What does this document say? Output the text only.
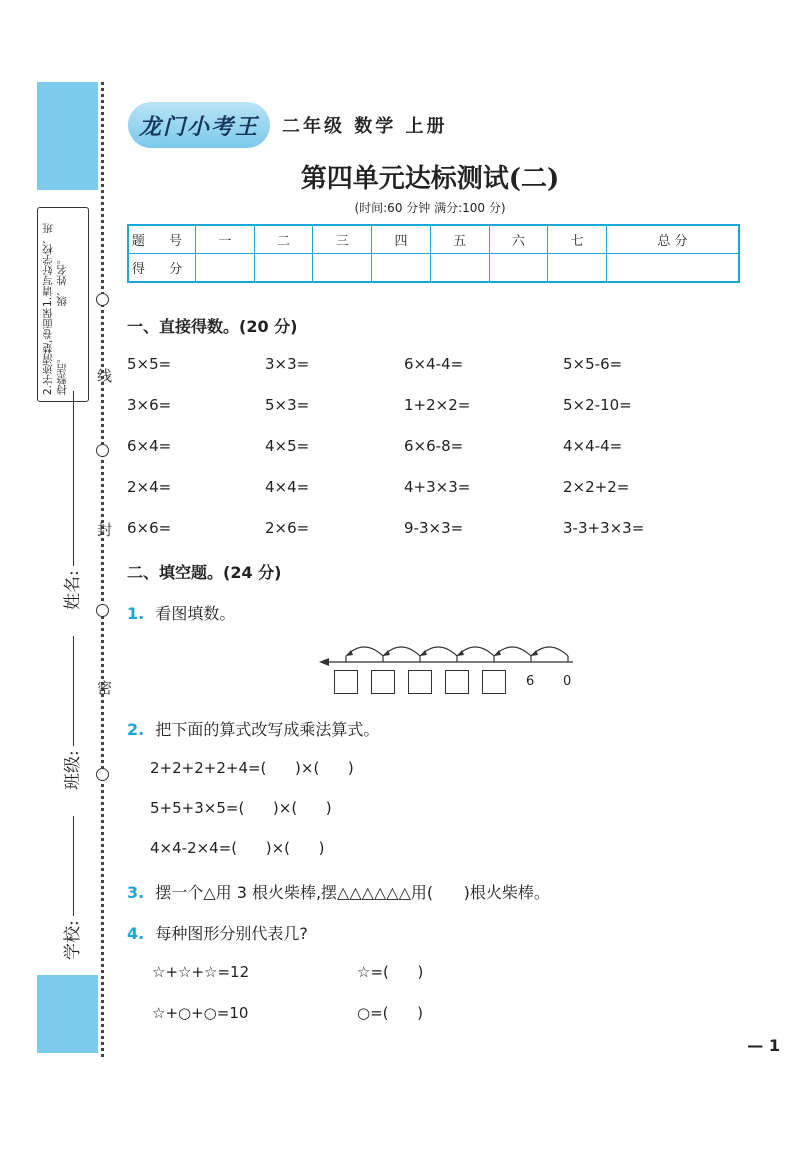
线
封
密
1.请写好学校、班级、姓名。
2.字迹清楚,卷面保持整洁。
姓名:
班级:
学校:
龙门小考王	二年级 数学 上册
第四单元达标测试(二)
(时间:60 分钟 满分:100 分)
题 号	一	二	三	四	五	六	七	总 分
得 分								
一、直接得数。(20 分)
5×5=	3×3=	6×4-4=	5×5-6=
3×6=	5×3=	1+2×2=	5×2-10=
6×4=	4×5=	6×6-8=	4×4-4=
2×4=	4×4=	4+3×3=	2×2+2=
6×6=	2×6=	9-3×3=	3-3+3×3=
二、填空题。(24 分)
1. 看图填数。
6 0
2. 把下面的算式改写成乘法算式。
2+2+2+2+4=(      )×(      )
5+5+3×5=(      )×(      )
4×4-2×4=(      )×(      )
3. 摆一个△用 3 根火柴棒,摆△△△△△△用(      )根火柴棒。
4. 每种图形分别代表几?
☆+☆+☆=12	☆=(      )
☆+○+○=10	○=(      )
— 1
